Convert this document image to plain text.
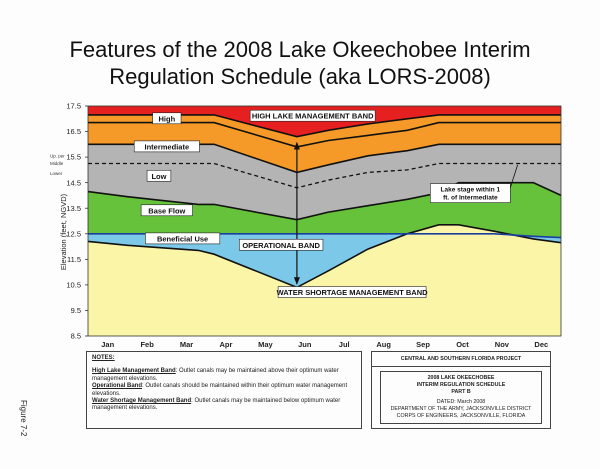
Features of the 2008 Lake Okeechobee Interim
Regulation Schedule (aka LORS-2008)
17.5
16.5
15.5
14.5
13.5
12.5
11.5
10.5
9.5
8.5
Jan	Feb	Mar	Apr	May	Jun	Jul	Aug	Sep	Oct	Nov	Dec
Up. per
Middle
Lower
High
Intermediate
Low
Base Flow
Beneficial Use
HIGH LAKE MANAGEMENT BAND
OPERATIONAL BAND
WATER SHORTAGE MANAGEMENT BAND
Lake stage within 1
ft. of Intermediate
Elevation (feet, NGVD)
NOTES:
High Lake Management Band: Outlet canals may be maintained above their optimum water management elevations.
Operational Band: Outlet canals should be maintained within their optimum water management elevations.
Water Shortage Management Band: Outlet canals may be maintained below optimum water management elevations.
CENTRAL AND SOUTHERN FLORIDA PROJECT
2008 LAKE OKEECHOBEE
INTERIM REGULATION SCHEDULE
PART B
DATED: March 2008
DEPARTMENT OF THE ARMY, JACKSONVILLE DISTRICT
CORPS OF ENGINEERS, JACKSONVILLE, FLORIDA
Figure 7-2
